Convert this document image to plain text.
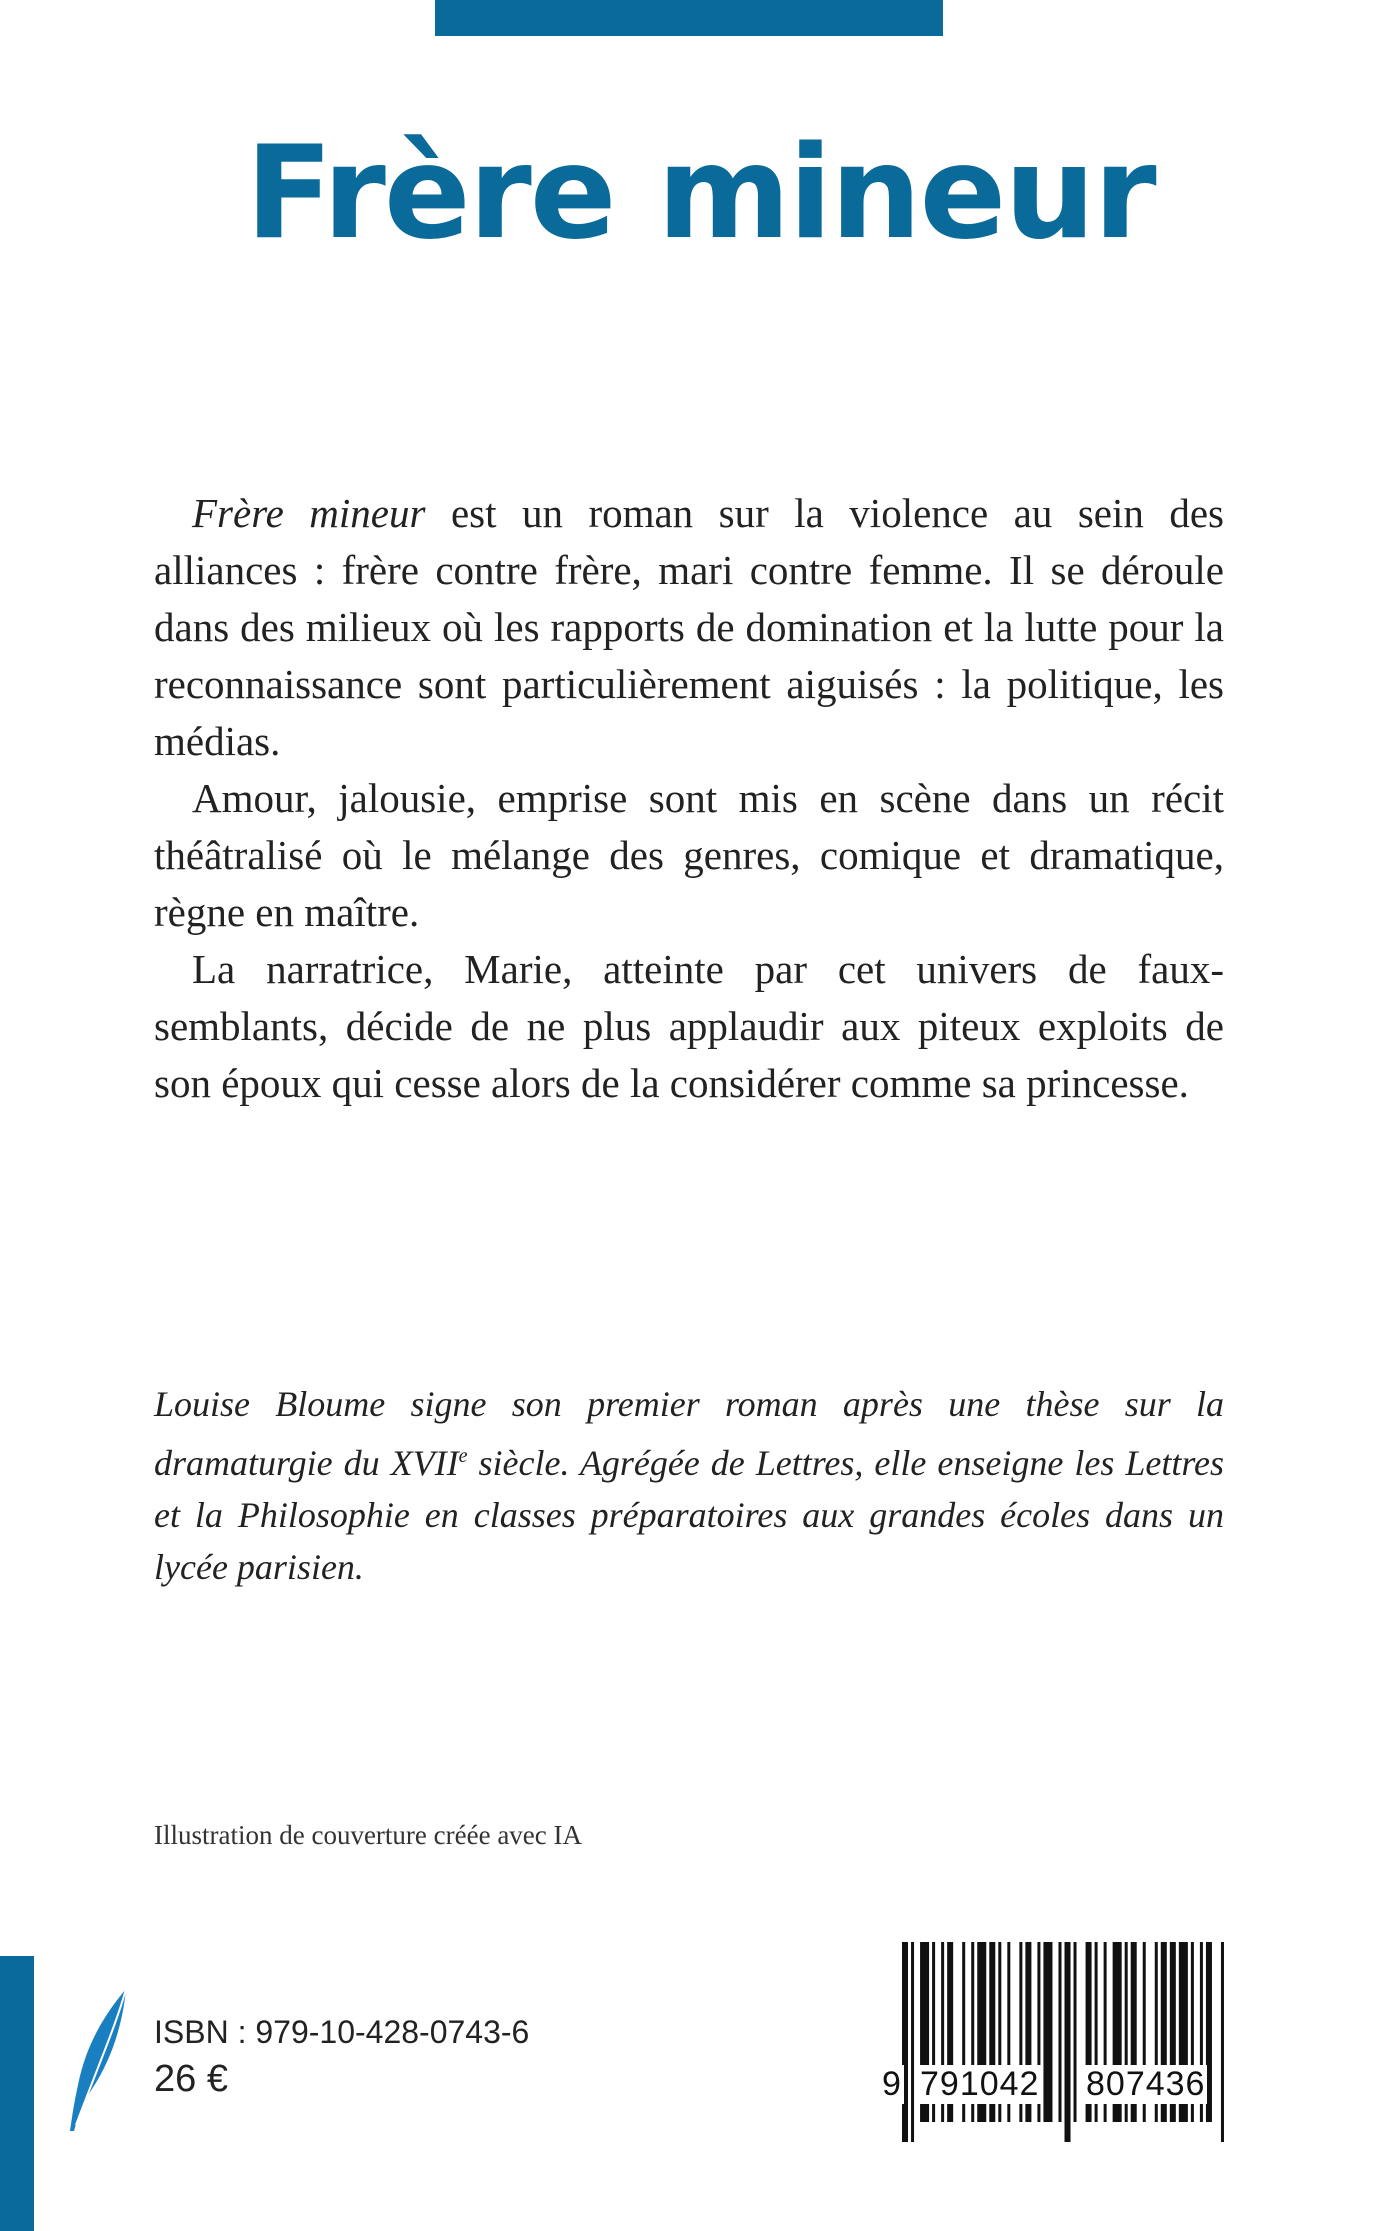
Frère mineur

Frère mineur est un roman sur la violence au sein des alliances : frère contre frère, mari contre femme. Il se déroule dans des milieux où les rapports de domination et la lutte pour la reconnaissance sont particulièrement aiguisés : la politique, les médias.

Amour, jalousie, emprise sont mis en scène dans un récit théâtralisé où le mélange des genres, comique et dramatique, règne en maître.

La narratrice, Marie, atteinte par cet univers de faux-semblants, décide de ne plus applaudir aux piteux exploits de son époux qui cesse alors de la considérer comme sa princesse.

Louise Bloume signe son premier roman après une thèse sur la dramaturgie du XVIIe siècle. Agrégée de Lettres, elle enseigne les Lettres et la Philosophie en classes préparatoires aux grandes écoles dans un lycée parisien.
Illustration de couverture créée avec IA
ISBN : 979-10-428-0743-6
26 €	9 791042 807436
